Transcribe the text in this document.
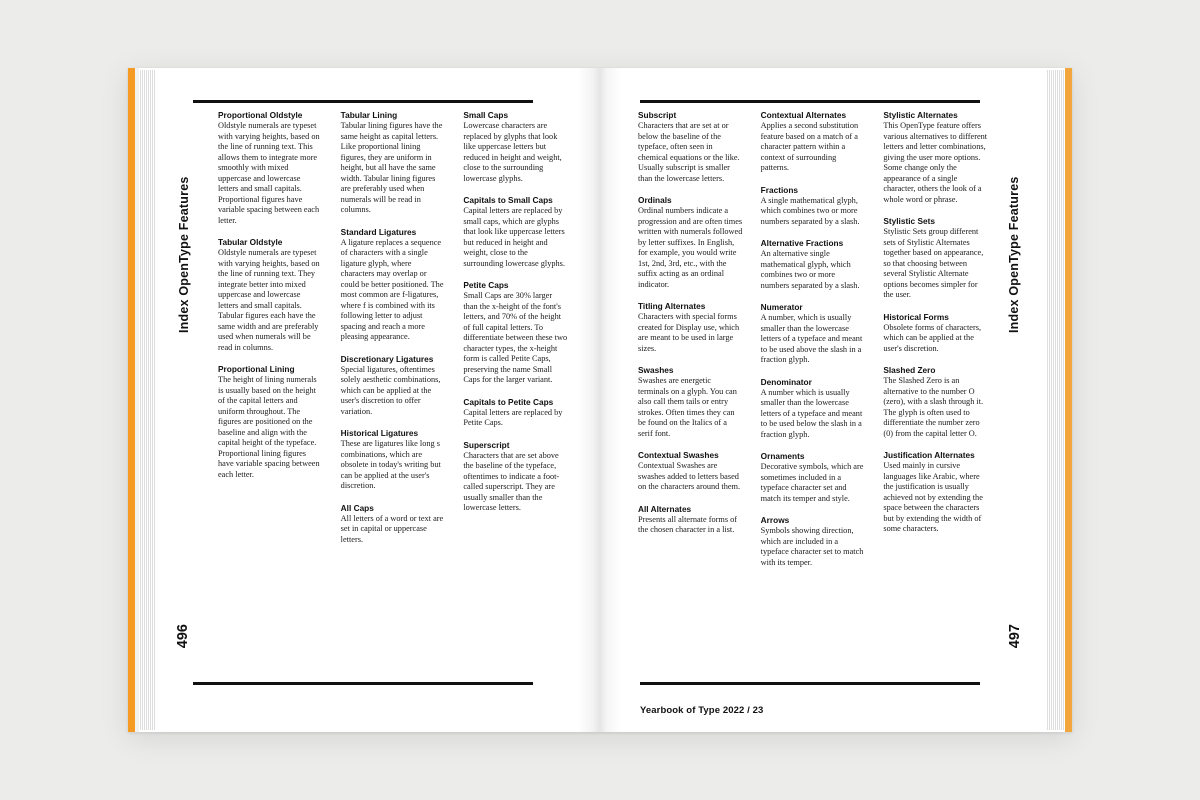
Index OpenType Features
496
Proportional Oldstyle
Oldstyle numerals are typeset with varying heights, based on the line of running text. This allows them to integrate more smoothly with mixed uppercase and lowercase letters and small capitals. Proportional figures have variable spacing between each letter.
Tabular Oldstyle
Oldstyle numerals are typeset with varying heights, based on the line of running text. They integrate better into mixed uppercase and lowercase letters and small capitals. Tabular figures each have the same width and are preferably used when numerals will be read in columns.
Proportional Lining
The height of lining numerals is usually based on the height of the capital letters and uniform throughout. The figures are positioned on the baseline and align with the capital height of the typeface. Proportional lining figures have variable spacing between each letter.
Tabular Lining
Tabular lining figures have the same height as capital letters. Like proportional lining figures, they are uniform in height, but all have the same width. Tabular lining figures are preferably used when numerals will be read in columns.
Standard Ligatures
A ligature replaces a sequence of characters with a single ligature glyph, where characters may overlap or could be better positioned. The most common are f-ligatures, where f is combined with its following letter to adjust spacing and reach a more pleasing appearance.
Discretionary Ligatures
Special ligatures, oftentimes solely aesthetic combinations, which can be applied at the user's discretion to offer variation.
Historical Ligatures
These are ligatures like long s combinations, which are obsolete in today's writing but can be applied at the user's discretion.
All Caps
All letters of a word or text are set in capital or uppercase letters.
Small Caps
Lowercase characters are replaced by glyphs that look like uppercase letters but reduced in height and weight, close to the surrounding lowercase glyphs.
Capitals to Small Caps
Capital letters are replaced by small caps, which are glyphs that look like uppercase letters but reduced in height and weight, close to the surrounding lowercase glyphs.
Petite Caps
Small Caps are 30% larger than the x-height of the font's letters, and 70% of the height of full capital letters. To differentiate between these two character types, the x-height form is called Petite Caps, preserving the name Small Caps for the larger variant.
Capitals to Petite Caps
Capital letters are replaced by Petite Caps.
Superscript
Characters that are set above the baseline of the typeface, oftentimes to indicate a foot-called superscript. They are usually smaller than the lowercase letters.
Index OpenType Features
497
Yearbook of Type 2022 / 23
Subscript
Characters that are set at or below the baseline of the typeface, often seen in chemical equations or the like. Usually subscript is smaller than the lowercase letters.
Ordinals
Ordinal numbers indicate a progression and are often times written with numerals followed by letter suffixes. In English, for example, you would write 1st, 2nd, 3rd, etc., with the suffix acting as an ordinal indicator.
Titling Alternates
Characters with special forms created for Display use, which are meant to be used in large sizes.
Swashes
Swashes are energetic terminals on a glyph. You can also call them tails or entry strokes. Often times they can be found on the Italics of a serif font.
Contextual Swashes
Contextual Swashes are swashes added to letters based on the characters around them.
All Alternates
Presents all alternate forms of the chosen character in a list.
Contextual Alternates
Applies a second substitution feature based on a match of a character pattern within a context of surrounding patterns.
Fractions
A single mathematical glyph, which combines two or more numbers separated by a slash.
Alternative Fractions
An alternative single mathematical glyph, which combines two or more numbers separated by a slash.
Numerator
A number, which is usually smaller than the lowercase letters of a typeface and meant to be used above the slash in a fraction glyph.
Denominator
A number which is usually smaller than the lowercase letters of a typeface and meant to be used below the slash in a fraction glyph.
Ornaments
Decorative symbols, which are sometimes included in a typeface character set and match its temper and style.
Arrows
Symbols showing direction, which are included in a typeface character set to match with its temper.
Stylistic Alternates
This OpenType feature offers various alternatives to different letters and letter combinations, giving the user more options. Some change only the appearance of a single character, others the look of a whole word or phrase.
Stylistic Sets
Stylistic Sets group different sets of Stylistic Alternates together based on appearance, so that choosing between several Stylistic Alternate options becomes simpler for the user.
Historical Forms
Obsolete forms of characters, which can be applied at the user's discretion.
Slashed Zero
The Slashed Zero is an alternative to the number O (zero), with a slash through it. The glyph is often used to differentiate the number zero (0) from the capital letter O.
Justification Alternates
Used mainly in cursive languages like Arabic, where the justification is usually achieved not by extending the space between the characters but by extending the width of some characters.
